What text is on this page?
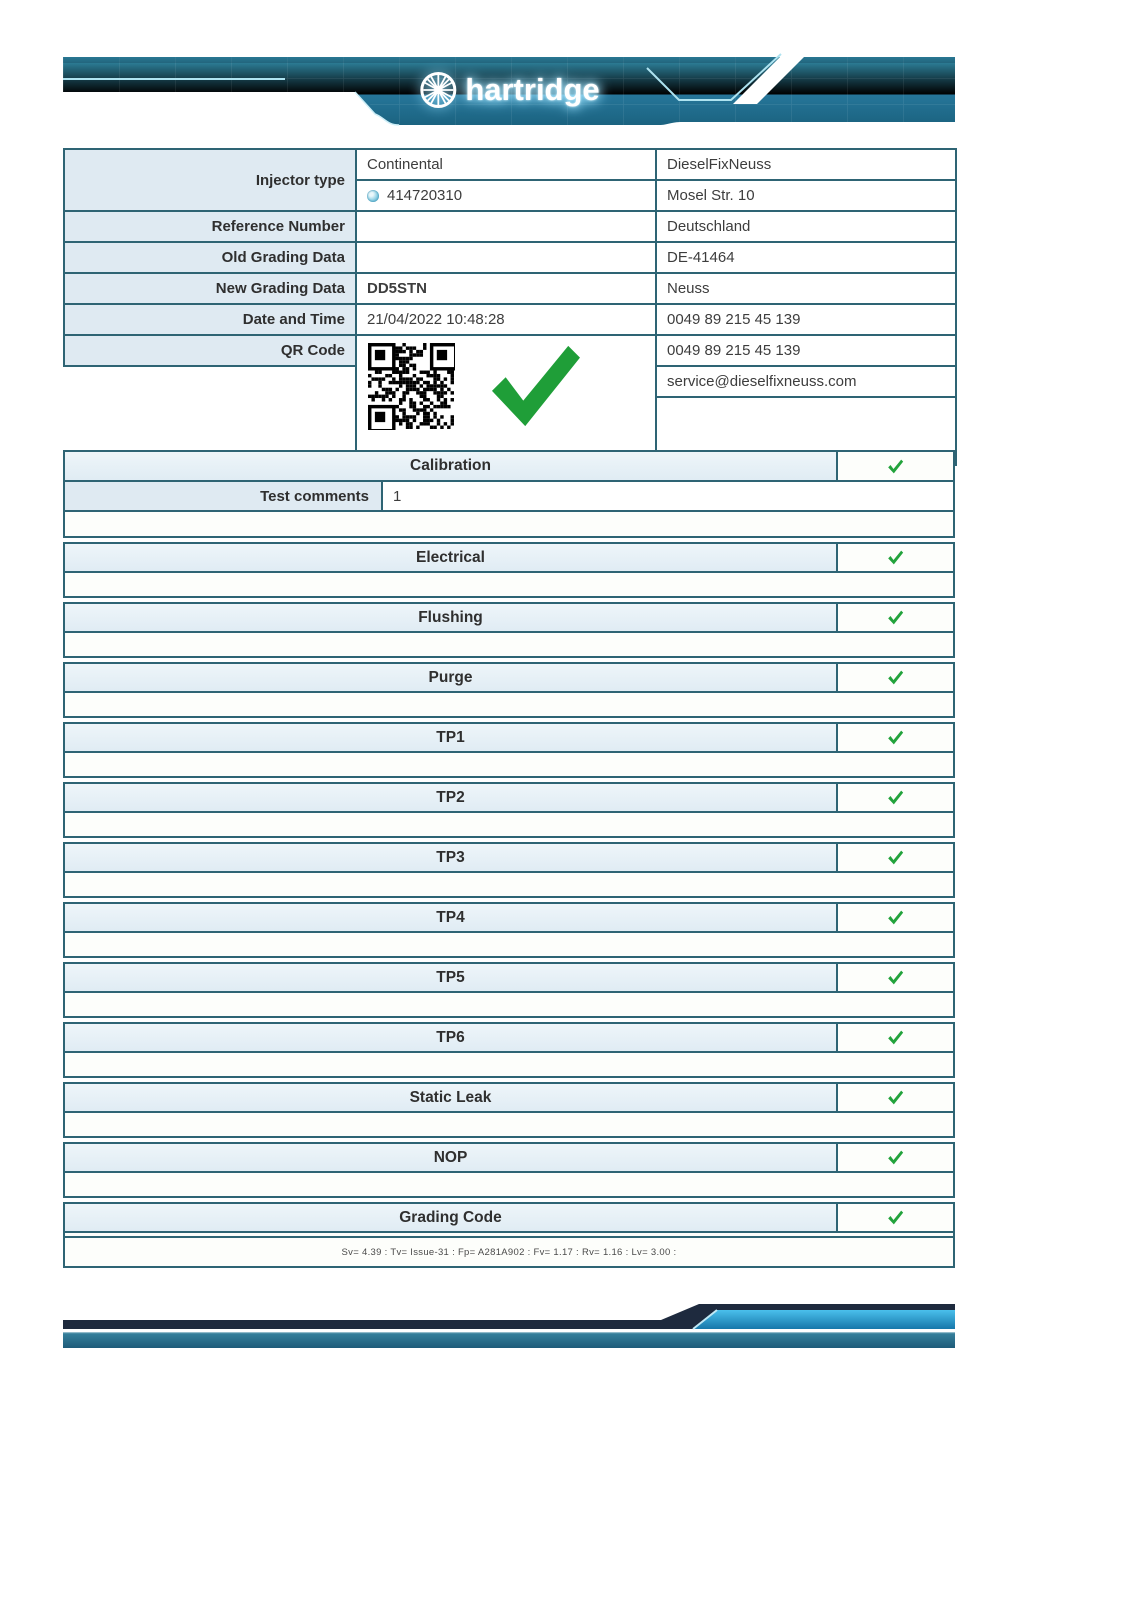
hartridge
Injector type	Continental	DieselFixNeuss

	414720310	Mosel Str. 10
Reference Number		Deutschland
Old Grading Data		DE-41464
New Grading Data	DD5STN	Neuss
Date and Time	21/04/2022 10:48:28	0049 89 215 45 139
QR Code		0049 89 215 45 139
		service@dieselfixneuss.com

Calibration
Test comments	1
Electrical
Flushing
Purge
TP1
TP2
TP3
TP4
TP5
TP6
Static Leak
NOP
Grading Code
Sv= 4.39 : Tv= Issue-31 : Fp= A281A902 : Fv= 1.17 : Rv= 1.16 : Lv= 3.00 :
